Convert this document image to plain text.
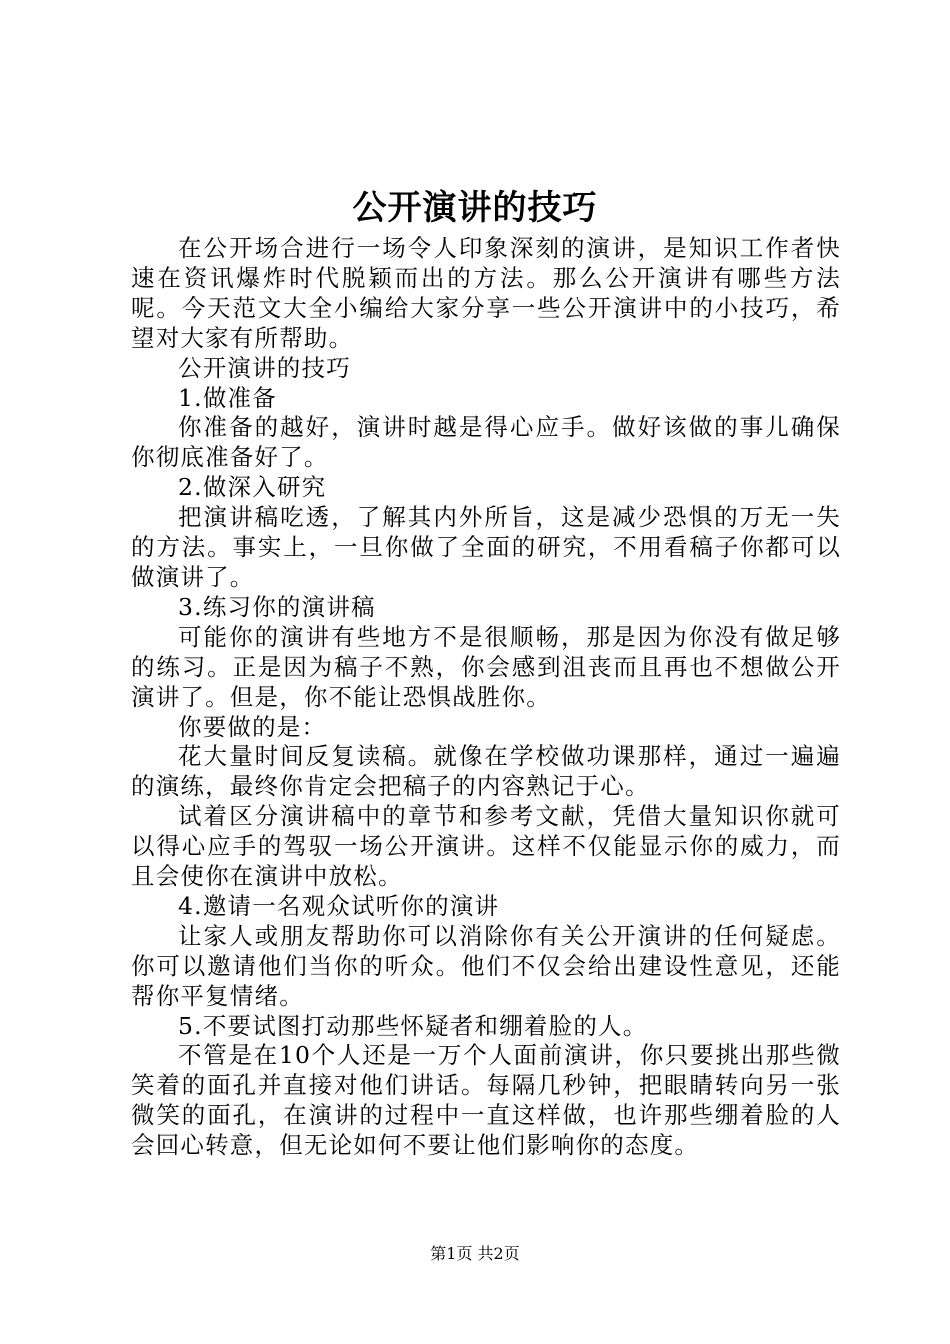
公开演讲的技巧

在公开场合进行一场令人印象深刻的演讲，是知识工作者快速在资讯爆炸时代脱颖而出的方法。那么公开演讲有哪些方法呢。今天范文大全小编给大家分享一些公开演讲中的小技巧，希望对大家有所帮助。

公开演讲的技巧

1.做准备

你准备的越好，演讲时越是得心应手。做好该做的事儿确保你彻底准备好了。

2.做深入研究

把演讲稿吃透，了解其内外所旨，这是减少恐惧的万无一失的方法。事实上，一旦你做了全面的研究，不用看稿子你都可以做演讲了。

3.练习你的演讲稿

可能你的演讲有些地方不是很顺畅，那是因为你没有做足够的练习。正是因为稿子不熟，你会感到沮丧而且再也不想做公开演讲了。但是，你不能让恐惧战胜你。

你要做的是：

花大量时间反复读稿。就像在学校做功课那样，通过一遍遍的演练，最终你肯定会把稿子的内容熟记于心。

试着区分演讲稿中的章节和参考文献，凭借大量知识你就可以得心应手的驾驭一场公开演讲。这样不仅能显示你的威力，而且会使你在演讲中放松。

4.邀请一名观众试听你的演讲

让家人或朋友帮助你可以消除你有关公开演讲的任何疑虑。你可以邀请他们当你的听众。他们不仅会给出建设性意见，还能帮你平复情绪。

5.不要试图打动那些怀疑者和绷着脸的人。

不管是在10个人还是一万个人面前演讲，你只要挑出那些微笑着的面孔并直接对他们讲话。每隔几秒钟，把眼睛转向另一张微笑的面孔，在演讲的过程中一直这样做，也许那些绷着脸的人会回心转意，但无论如何不要让他们影响你的态度。

第1页 共2页
